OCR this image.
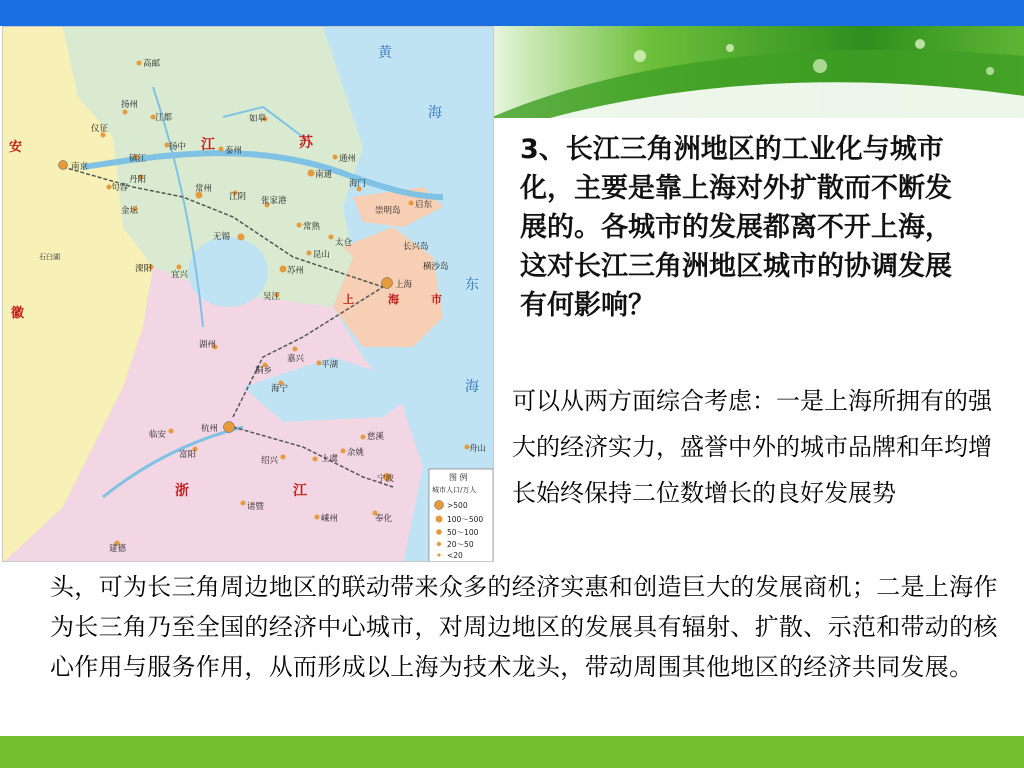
安
徽
江	苏
浙	江
上	海	市
黄
海
东
海
高邮
扬州
江都	如皋
仪征
扬中
镇江
泰州
南京
丹阳
句容
金坛
常州
江阴 张家港
南通
海门
启东
通州
常熟
太仓
无锡
昆山
溧阳
宜兴	苏州
吴江
上海
横沙岛
崇明岛
长兴岛
湖州
嘉兴
平湖
桐乡
海宁
临安
杭州
富阳
绍兴	上虞
余姚
慈溪
宁波
舟山
诸暨
嵊州	奉化
建德
石臼湖
图 例
城市人口/万人
>500
100～500
50～100
20～50
<20

3、长江三角洲地区的工业化与城市化，主要是靠上海对外扩散而不断发展的。各城市的发展都离不开上海，这对长江三角洲地区城市的协调发展有何影响？

可以从两方面综合考虑：一是上海所拥有的强大的经济实力，盛誉中外的城市品牌和年均增长始终保持二位数增长的良好发展势

头，可为长三角周边地区的联动带来众多的经济实惠和创造巨大的发展商机；二是上海作为长三角乃至全国的经济中心城市，对周边地区的发展具有辐射、扩散、示范和带动的核心作用与服务作用，从而形成以上海为技术龙头，带动周围其他地区的经济共同发展。
